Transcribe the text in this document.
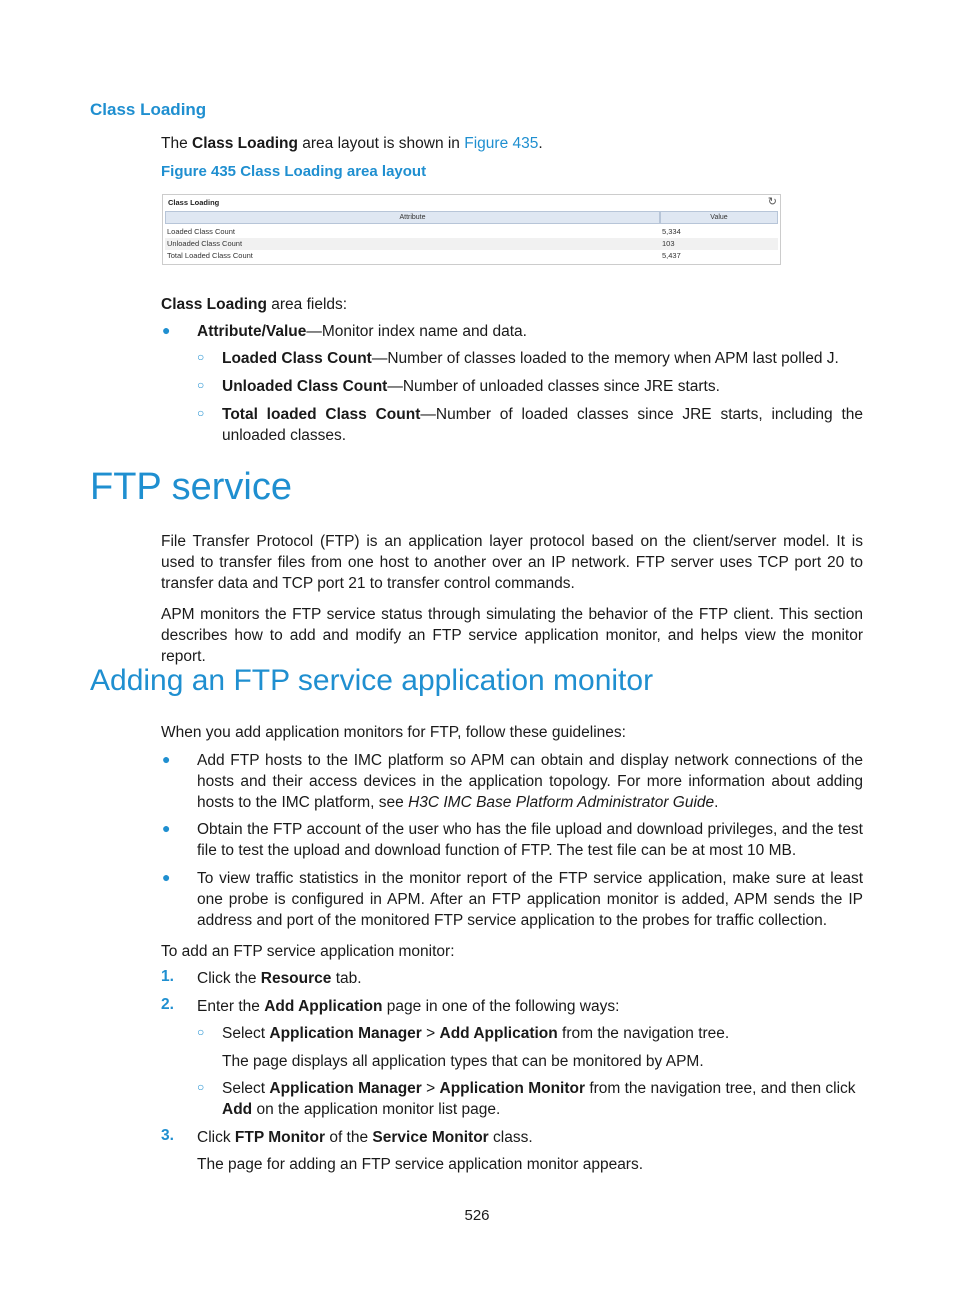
Class Loading
The Class Loading area layout is shown in Figure 435.
Figure 435 Class Loading area layout
Class Loading	↻
Attribute	Value
Loaded Class Count	5,334
Unloaded Class Count	103
Total Loaded Class Count	5,437
Class Loading area fields:
● Attribute/Value—Monitor index name and data.
○ Loaded Class Count—Number of classes loaded to the memory when APM last polled J.
○ Unloaded Class Count—Number of unloaded classes since JRE starts.
○ Total loaded Class Count—Number of loaded classes since JRE starts, including the unloaded classes.
FTP service
File Transfer Protocol (FTP) is an application layer protocol based on the client/server model. It is used to transfer files from one host to another over an IP network. FTP server uses TCP port 20 to transfer data and TCP port 21 to transfer control commands.
APM monitors the FTP service status through simulating the behavior of the FTP client. This section describes how to add and modify an FTP service application monitor, and helps view the monitor report.
Adding an FTP service application monitor
When you add application monitors for FTP, follow these guidelines:
● Add FTP hosts to the IMC platform so APM can obtain and display network connections of the hosts and their access devices in the application topology. For more information about adding hosts to the IMC platform, see H3C IMC Base Platform Administrator Guide.
● Obtain the FTP account of the user who has the file upload and download privileges, and the test file to test the upload and download function of FTP. The test file can be at most 10 MB.
● To view traffic statistics in the monitor report of the FTP service application, make sure at least one probe is configured in APM. After an FTP application monitor is added, APM sends the IP address and port of the monitored FTP service application to the probes for traffic collection.
To add an FTP service application monitor:
1. Click the Resource tab.
2. Enter the Add Application page in one of the following ways:
○ Select Application Manager > Add Application from the navigation tree.
The page displays all application types that can be monitored by APM.
○ Select Application Manager > Application Monitor from the navigation tree, and then click Add on the application monitor list page.
3. Click FTP Monitor of the Service Monitor class.
The page for adding an FTP service application monitor appears.
526
